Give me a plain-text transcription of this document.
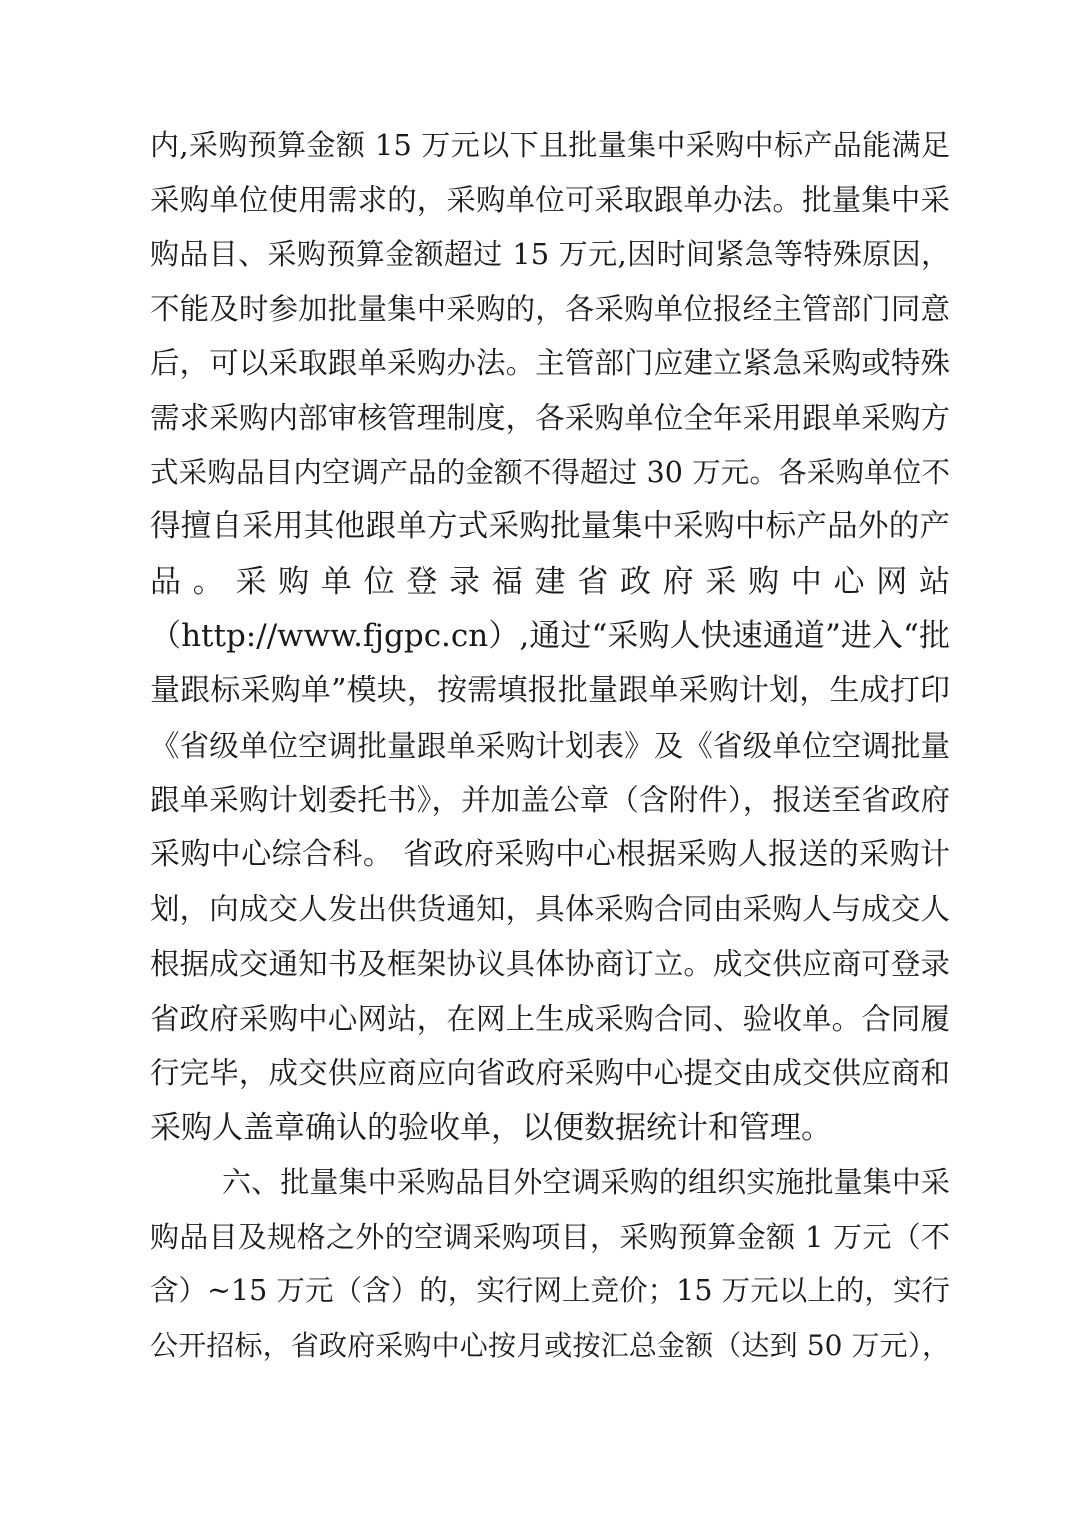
内,采购预算金额 15 万元以下且批量集中采购中标产品能满足
采购单位使用需求的，采购单位可采取跟单办法。批量集中采
购品目、采购预算金额超过 15 万元,因时间紧急等特殊原因，
不能及时参加批量集中采购的，各采购单位报经主管部门同意
后，可以采取跟单采购办法。主管部门应建立紧急采购或特殊
需求采购内部审核管理制度，各采购单位全年采用跟单采购方
式采购品目内空调产品的金额不得超过 30 万元。各采购单位不
得擅自采用其他跟单方式采购批量集中采购中标产品外的产
品 。 采 购 单 位 登 录 福 建 省 政 府 采 购 中 心 网 站
（http://www.fjgpc.cn）,通过“采购人快速通道”进入“批
量跟标采购单”模块，按需填报批量跟单采购计划，生成打印
《省级单位空调批量跟单采购计划表》及《省级单位空调批量
跟单采购计划委托书》，并加盖公章（含附件），报送至省政府
采购中心综合科。 省政府采购中心根据采购人报送的采购计
划，向成交人发出供货通知，具体采购合同由采购人与成交人
根据成交通知书及框架协议具体协商订立。成交供应商可登录
省政府采购中心网站，在网上生成采购合同、验收单。合同履
行完毕，成交供应商应向省政府采购中心提交由成交供应商和
采购人盖章确认的验收单，以便数据统计和管理。
六、批量集中采购品目外空调采购的组织实施批量集中采
购品目及规格之外的空调采购项目，采购预算金额 1 万元（不
含）~15 万元（含）的，实行网上竞价；15 万元以上的，实行
公开招标，省政府采购中心按月或按汇总金额（达到 50 万元），
